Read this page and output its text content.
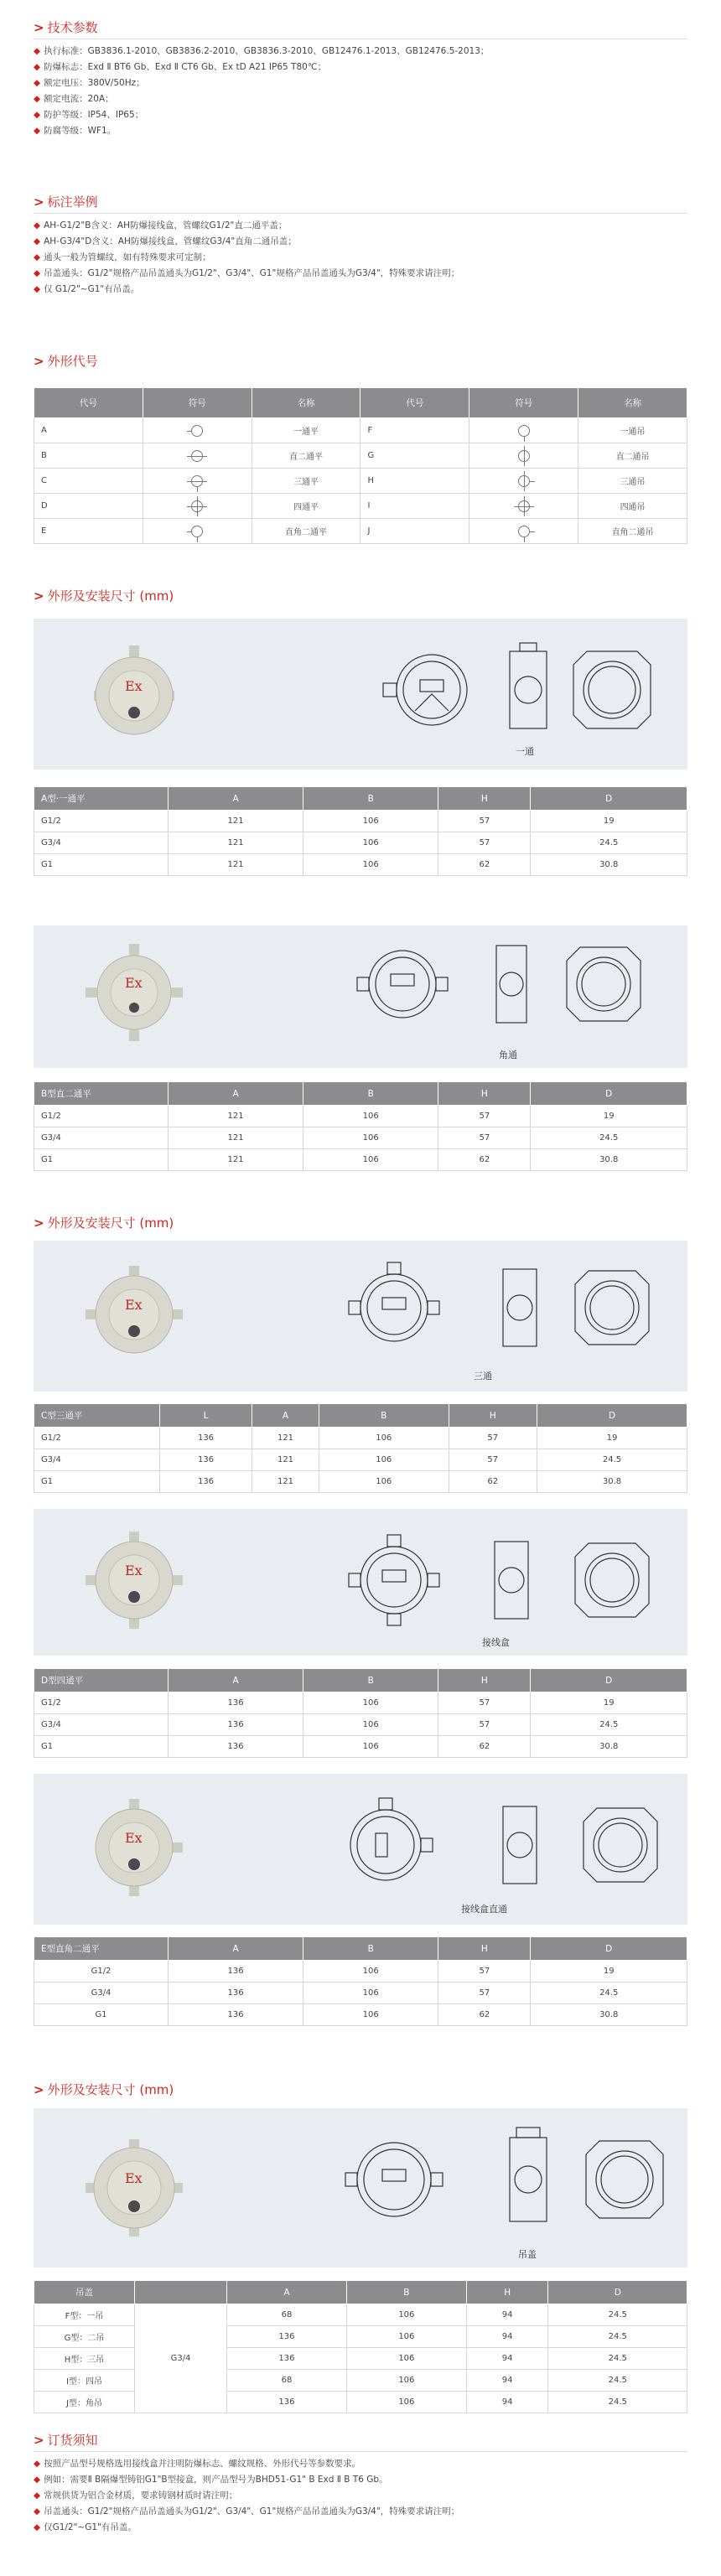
> 技术参数
◆ 执行标准：GB3836.1-2010、GB3836.2-2010、GB3836.3-2010、GB12476.1-2013、GB12476.5-2013；
◆ 防爆标志：Exd Ⅱ BT6 Gb、Exd Ⅱ CT6 Gb、Ex tD A21 IP65 T80℃；
◆ 额定电压：380V/50Hz；
◆ 额定电流：20A；
◆ 防护等级：IP54、IP65；
◆ 防腐等级：WF1。
> 标注举例
◆ AH-G1/2"B含义：AH防爆接线盒，管螺纹G1/2"直二通平盖；
◆ AH-G3/4"D含义：AH防爆接线盒，管螺纹G3/4"直角二通吊盖；
◆ 通头一般为管螺纹，如有特殊要求可定制；
◆ 吊盖通头：G1/2"规格产品吊盖通头为G1/2"、G3/4"、G1"规格产品吊盖通头为G3/4"，特殊要求请注明；
◆ 仅 G1/2"~G1"有吊盖。
> 外形代号
代号	符号	名称	代号	符号	名称
A		一通平	F		一通吊
B		直二通平	G		直二通吊
C		三通平	H		三通吊
D		四通平	I		四通吊
E		直角二通平	J		直角二通吊
> 外形及安装尺寸 (mm)
Ex
一通
A型·一通平	A	B	H	D
G1/2	121	106	57	19
G3/4	121	106	57	24.5
G1	121	106	62	30.8
Ex
角通
B型直二通平	A	B	H	D
G1/2	121	106	57	19
G3/4	121	106	57	24.5
G1	121	106	62	30.8
> 外形及安装尺寸 (mm)
Ex
三通
C型三通平	L	A	B	H	D
G1/2	136	121	106	57	19
G3/4	136	121	106	57	24.5
G1	136	121	106	62	30.8
Ex
接线盒
D型四通平	A	B	H	D
G1/2	136	106	57	19
G3/4	136	106	57	24.5
G1	136	106	62	30.8
Ex
接线盒直通
E型直角二通平	A	B	H	D
G1/2	136	106	57	19
G3/4	136	106	57	24.5
G1	136	106	62	30.8
> 外形及安装尺寸 (mm)
Ex
吊盖
吊盖		A	B	H	D
F型：一吊	G3/4	68	106	94	24.5
G型：二吊		136	106	94	24.5
H型：三吊		136	106	94	24.5
I型：四吊		68	106	94	24.5
J型：角吊		136	106	94	24.5
> 订货须知
◆ 按照产品型号规格选用接线盒并注明防爆标志、螺纹规格、外形代号等参数要求。
◆ 例如：需要Ⅱ B隔爆型铸铝G1"B型接盒，则产品型号为BHD51-G1" B Exd Ⅱ B T6 Gb。
◆ 常规供货为铝合金材质，要求铸钢材质时请注明；
◆ 吊盖通头：G1/2"规格产品吊盖通头为G1/2"、G3/4"、G1"规格产品吊盖通头为G3/4"，特殊要求请注明；
◆ 仅G1/2"~G1"有吊盖。
